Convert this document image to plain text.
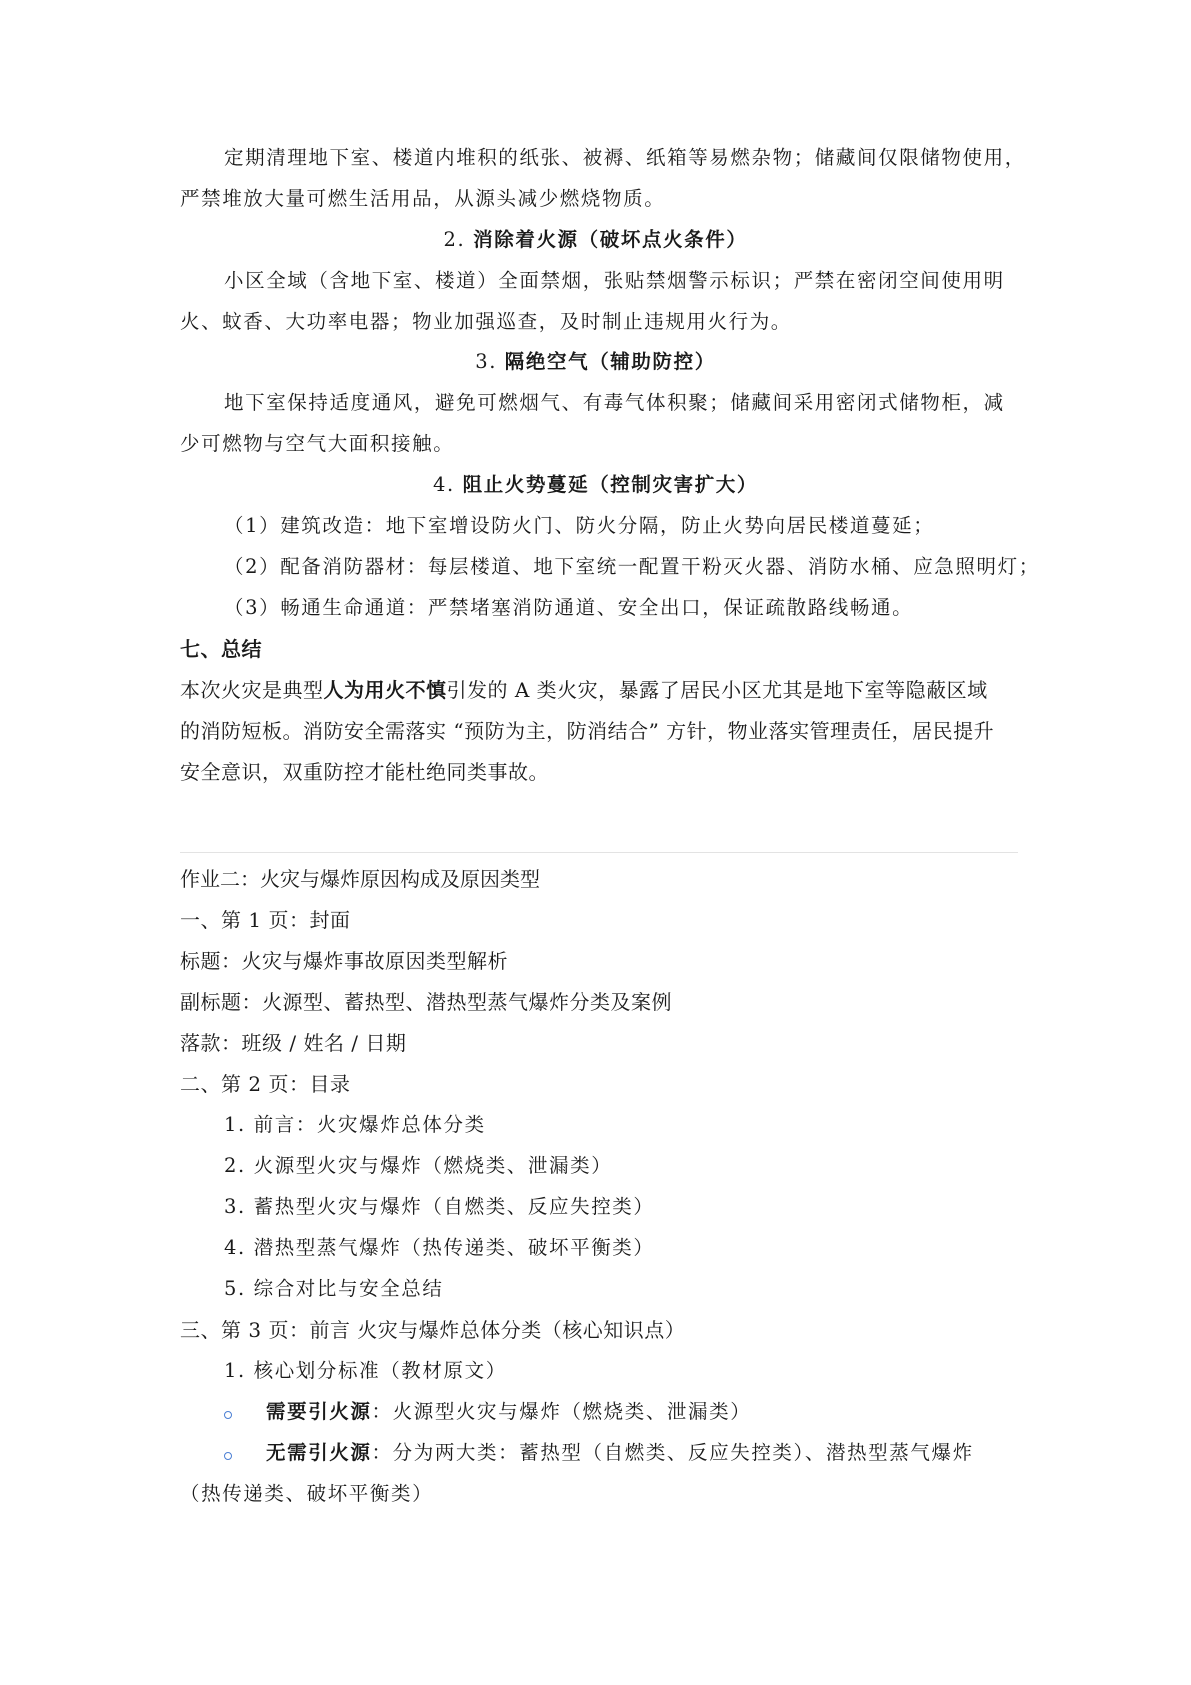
定期清理地下室、楼道内堆积的纸张、被褥、纸箱等易燃杂物；储藏间仅限储物使用，
严禁堆放大量可燃生活用品，从源头减少燃烧物质。
2. 消除着火源（破坏点火条件）
小区全域（含地下室、楼道）全面禁烟，张贴禁烟警示标识；严禁在密闭空间使用明
火、蚊香、大功率电器；物业加强巡查，及时制止违规用火行为。
3. 隔绝空气（辅助防控）
地下室保持适度通风，避免可燃烟气、有毒气体积聚；储藏间采用密闭式储物柜，减
少可燃物与空气大面积接触。
4. 阻止火势蔓延（控制灾害扩大）
（1）建筑改造：地下室增设防火门、防火分隔，防止火势向居民楼道蔓延；
（2）配备消防器材：每层楼道、地下室统一配置干粉灭火器、消防水桶、应急照明灯；
（3）畅通生命通道：严禁堵塞消防通道、安全出口，保证疏散路线畅通。
七、总结
本次火灾是典型人为用火不慎引发的 A 类火灾，暴露了居民小区尤其是地下室等隐蔽区域
的消防短板。消防安全需落实 “预防为主，防消结合” 方针，物业落实管理责任，居民提升
安全意识，双重防控才能杜绝同类事故。
作业二：火灾与爆炸原因构成及原因类型
一、第 1 页：封面
标题：火灾与爆炸事故原因类型解析
副标题：火源型、蓄热型、潜热型蒸气爆炸分类及案例
落款：班级 / 姓名 / 日期
二、第 2 页：目录
1. 前言：火灾爆炸总体分类
2. 火源型火灾与爆炸（燃烧类、泄漏类）
3. 蓄热型火灾与爆炸（自燃类、反应失控类）
4. 潜热型蒸气爆炸（热传递类、破坏平衡类）
5. 综合对比与安全总结
三、第 3 页：前言 火灾与爆炸总体分类（核心知识点）
1. 核心划分标准（教材原文）
需要引火源：火源型火灾与爆炸（燃烧类、泄漏类）
无需引火源：分为两大类：蓄热型（自燃类、反应失控类）、潜热型蒸气爆炸
（热传递类、破坏平衡类）
